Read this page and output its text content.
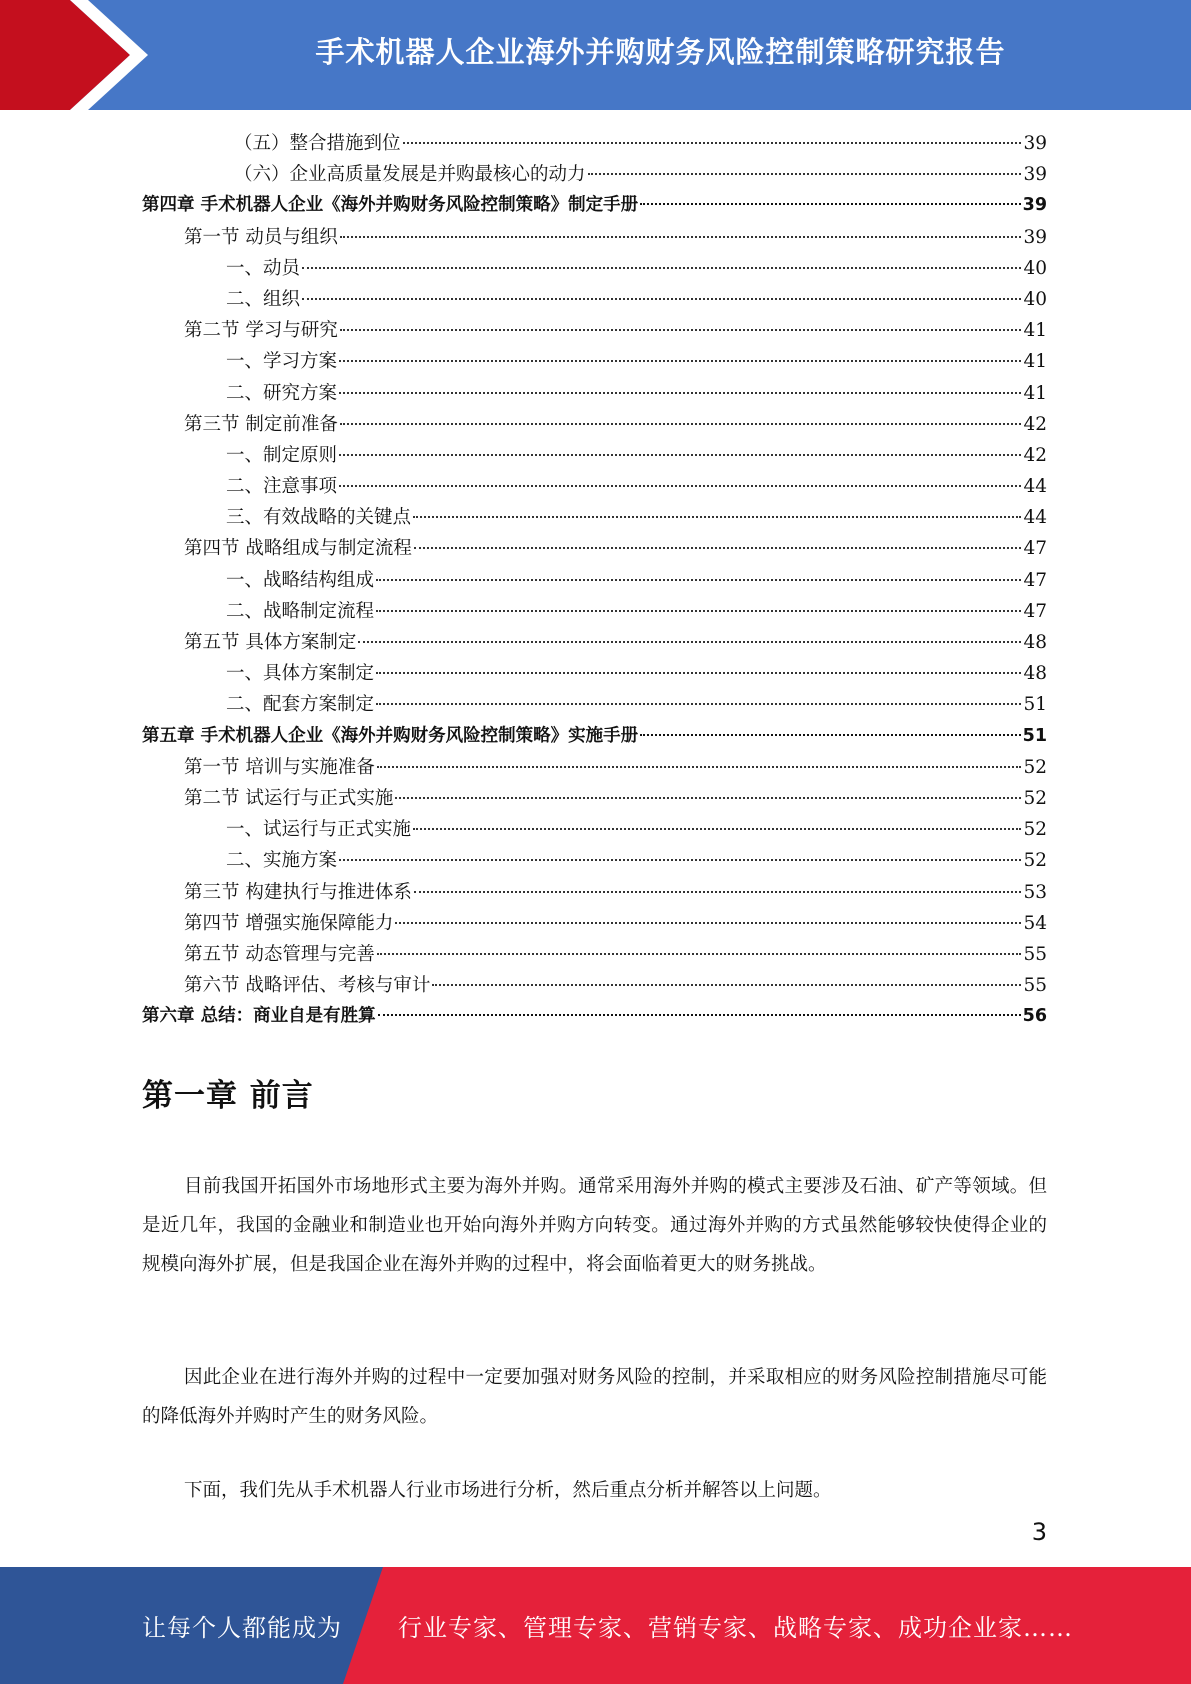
手术机器人企业海外并购财务风险控制策略研究报告
（五）整合措施到位	39
（六）企业高质量发展是并购最核心的动力	39
第四章 手术机器人企业《海外并购财务风险控制策略》制定手册	39
第一节 动员与组织	39
一、动员	40
二、组织	40
第二节 学习与研究	41
一、学习方案	41
二、研究方案	41
第三节 制定前准备	42
一、制定原则	42
二、注意事项	44
三、有效战略的关键点	44
第四节 战略组成与制定流程	47
一、战略结构组成	47
二、战略制定流程	47
第五节 具体方案制定	48
一、具体方案制定	48
二、配套方案制定	51
第五章 手术机器人企业《海外并购财务风险控制策略》实施手册	51
第一节 培训与实施准备	52
第二节 试运行与正式实施	52
一、试运行与正式实施	52
二、实施方案	52
第三节 构建执行与推进体系	53
第四节 增强实施保障能力	54
第五节 动态管理与完善	55
第六节 战略评估、考核与审计	55
第六章 总结：商业自是有胜算	56
第一章 前言
目前我国开拓国外市场地形式主要为海外并购。通常采用海外并购的模式主要涉及石油、矿产等领域。但是近几年，我国的金融业和制造业也开始向海外并购方向转变。通过海外并购的方式虽然能够较快使得企业的规模向海外扩展，但是我国企业在海外并购的过程中，将会面临着更大的财务挑战。
因此企业在进行海外并购的过程中一定要加强对财务风险的控制，并采取相应的财务风险控制措施尽可能的降低海外并购时产生的财务风险。
下面，我们先从手术机器人行业市场进行分析，然后重点分析并解答以上问题。
3
让每个人都能成为 行业专家、管理专家、营销专家、战略专家、成功企业家……
